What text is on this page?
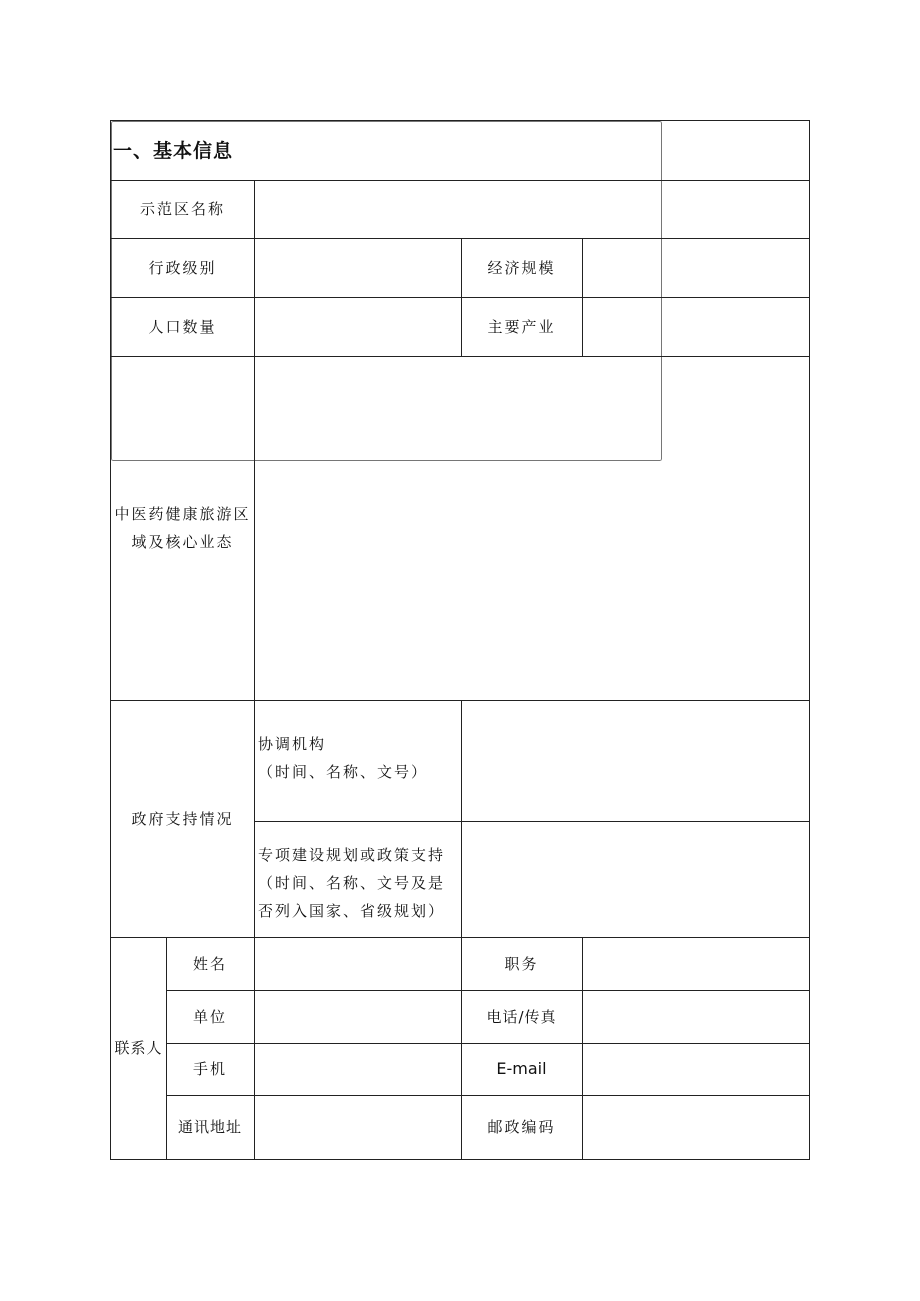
一、基本信息
示范区名称
行政级别	经济规模
人口数量	主要产业
中医药健康旅游区域及核心业态
政府支持情况
协调机构
（时间、名称、文号）
专项建设规划或政策支持
（时间、名称、文号及是否列入国家、省级规划）
联系人
姓名	职务
单位	电话/传真
手机	E-mail
通讯地址	邮政编码
